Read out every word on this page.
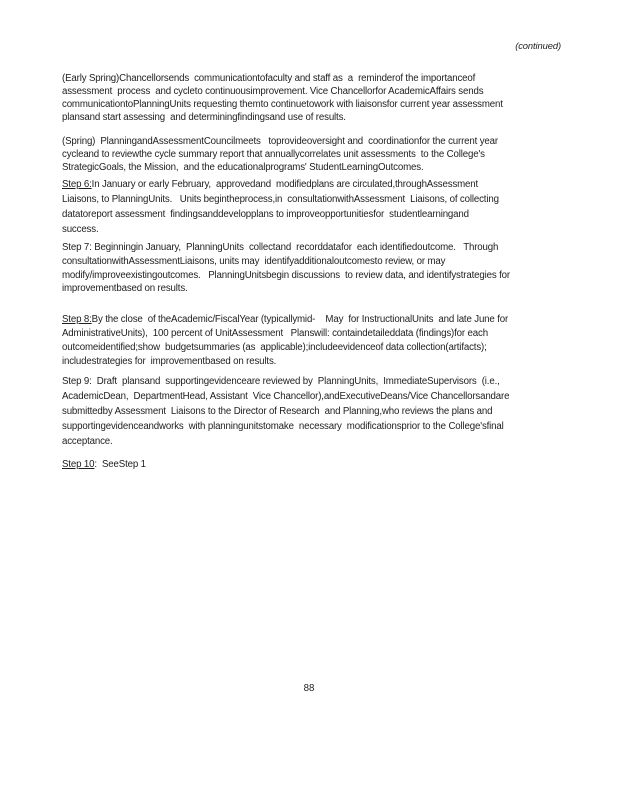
(continued)
(Early Spring)Chancellorsends  communicationtofaculty and staff as  a  reminderof the importanceof
assessment  process  and cycleto continuousimprovement. Vice Chancellorfor AcademicAffairs sends
communicationtoPlanningUnits requesting themto continuetowork with liaisonsfor current year assessment
plansand start assessing  and determiningfindingsand use of results.
(Spring)  PlanningandAssessmentCouncilmeets   toprovideoversight and  coordinationfor the current year
cycleand to reviewthe cycle summary report that annuallycorrelates unit assessments  to the College's
StrategicGoals, the Mission,  and the educationalprograms' StudentLearningOutcomes.
Step 6:In January or early February,  approvedand  modifiedplans are circulated,throughAssessment
Liaisons, to PlanningUnits.   Units begintheprocess,in  consultationwithAssessment  Liaisons, of collecting
datatoreport assessment  findingsanddevelopplans to improveopportunitiesfor  studentlearningand
success.
Step 7: Beginningin January,  PlanningUnits  collectand  recorddatafor  each identifiedoutcome.   Through
consultationwithAssessmentLiaisons, units may  identifyadditionaloutcomesto review, or may
modify/improveexistingoutcomes.   PlanningUnitsbegin discussions  to review data, and identifystrategies for
improvementbased on results.
Step 8:By the close  of theAcademic/FiscalYear (typicallymid-    May  for InstructionalUnits  and late June for
AdministrativeUnits),  100 percent of UnitAssessment   Planswill: containdetaileddata (findings)for each
outcomeidentified;show  budgetsummaries (as  applicable);includeevidenceof data collection(artifacts);
includestrategies for  improvementbased on results.
Step 9:  Draft  plansand  supportingevidenceare reviewed by  PlanningUnits,  ImmediateSupervisors  (i.e.,
AcademicDean,  DepartmentHead, Assistant  Vice Chancellor),andExecutiveDeans/Vice Chancellorsandare
submittedby Assessment  Liaisons to the Director of Research  and Planning,who reviews the plans and
supportingevidenceandworks  with planningunitstomake  necessary  modificationsprior to the College'sfinal
acceptance.
Step 10:  SeeStep 1
88
